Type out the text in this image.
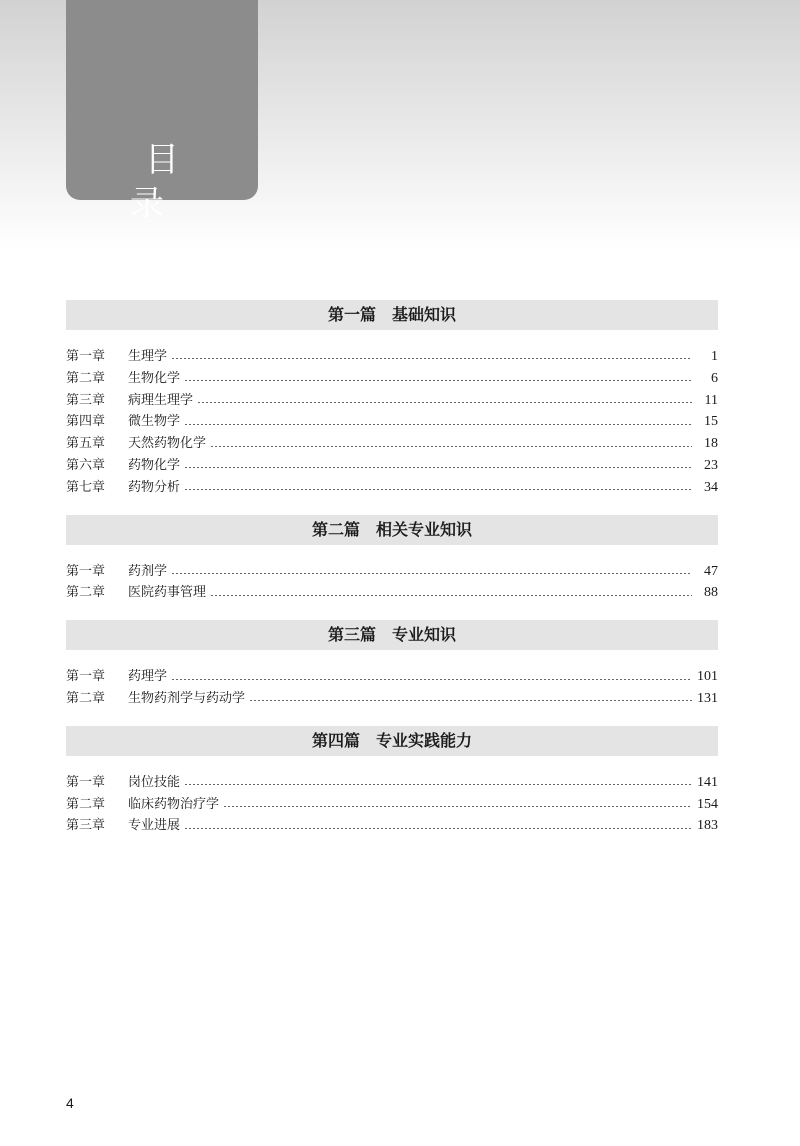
目 录
第一篇　基础知识
第一章	生理学	1
第二章	生物化学	6
第三章	病理生理学	11
第四章	微生物学	15
第五章	天然药物化学	18
第六章	药物化学	23
第七章	药物分析	34
第二篇　相关专业知识
第一章	药剂学	47
第二章	医院药事管理	88
第三篇　专业知识
第一章	药理学	101
第二章	生物药剂学与药动学	131
第四篇　专业实践能力
第一章	岗位技能	141
第二章	临床药物治疗学	154
第三章	专业进展	183
4
